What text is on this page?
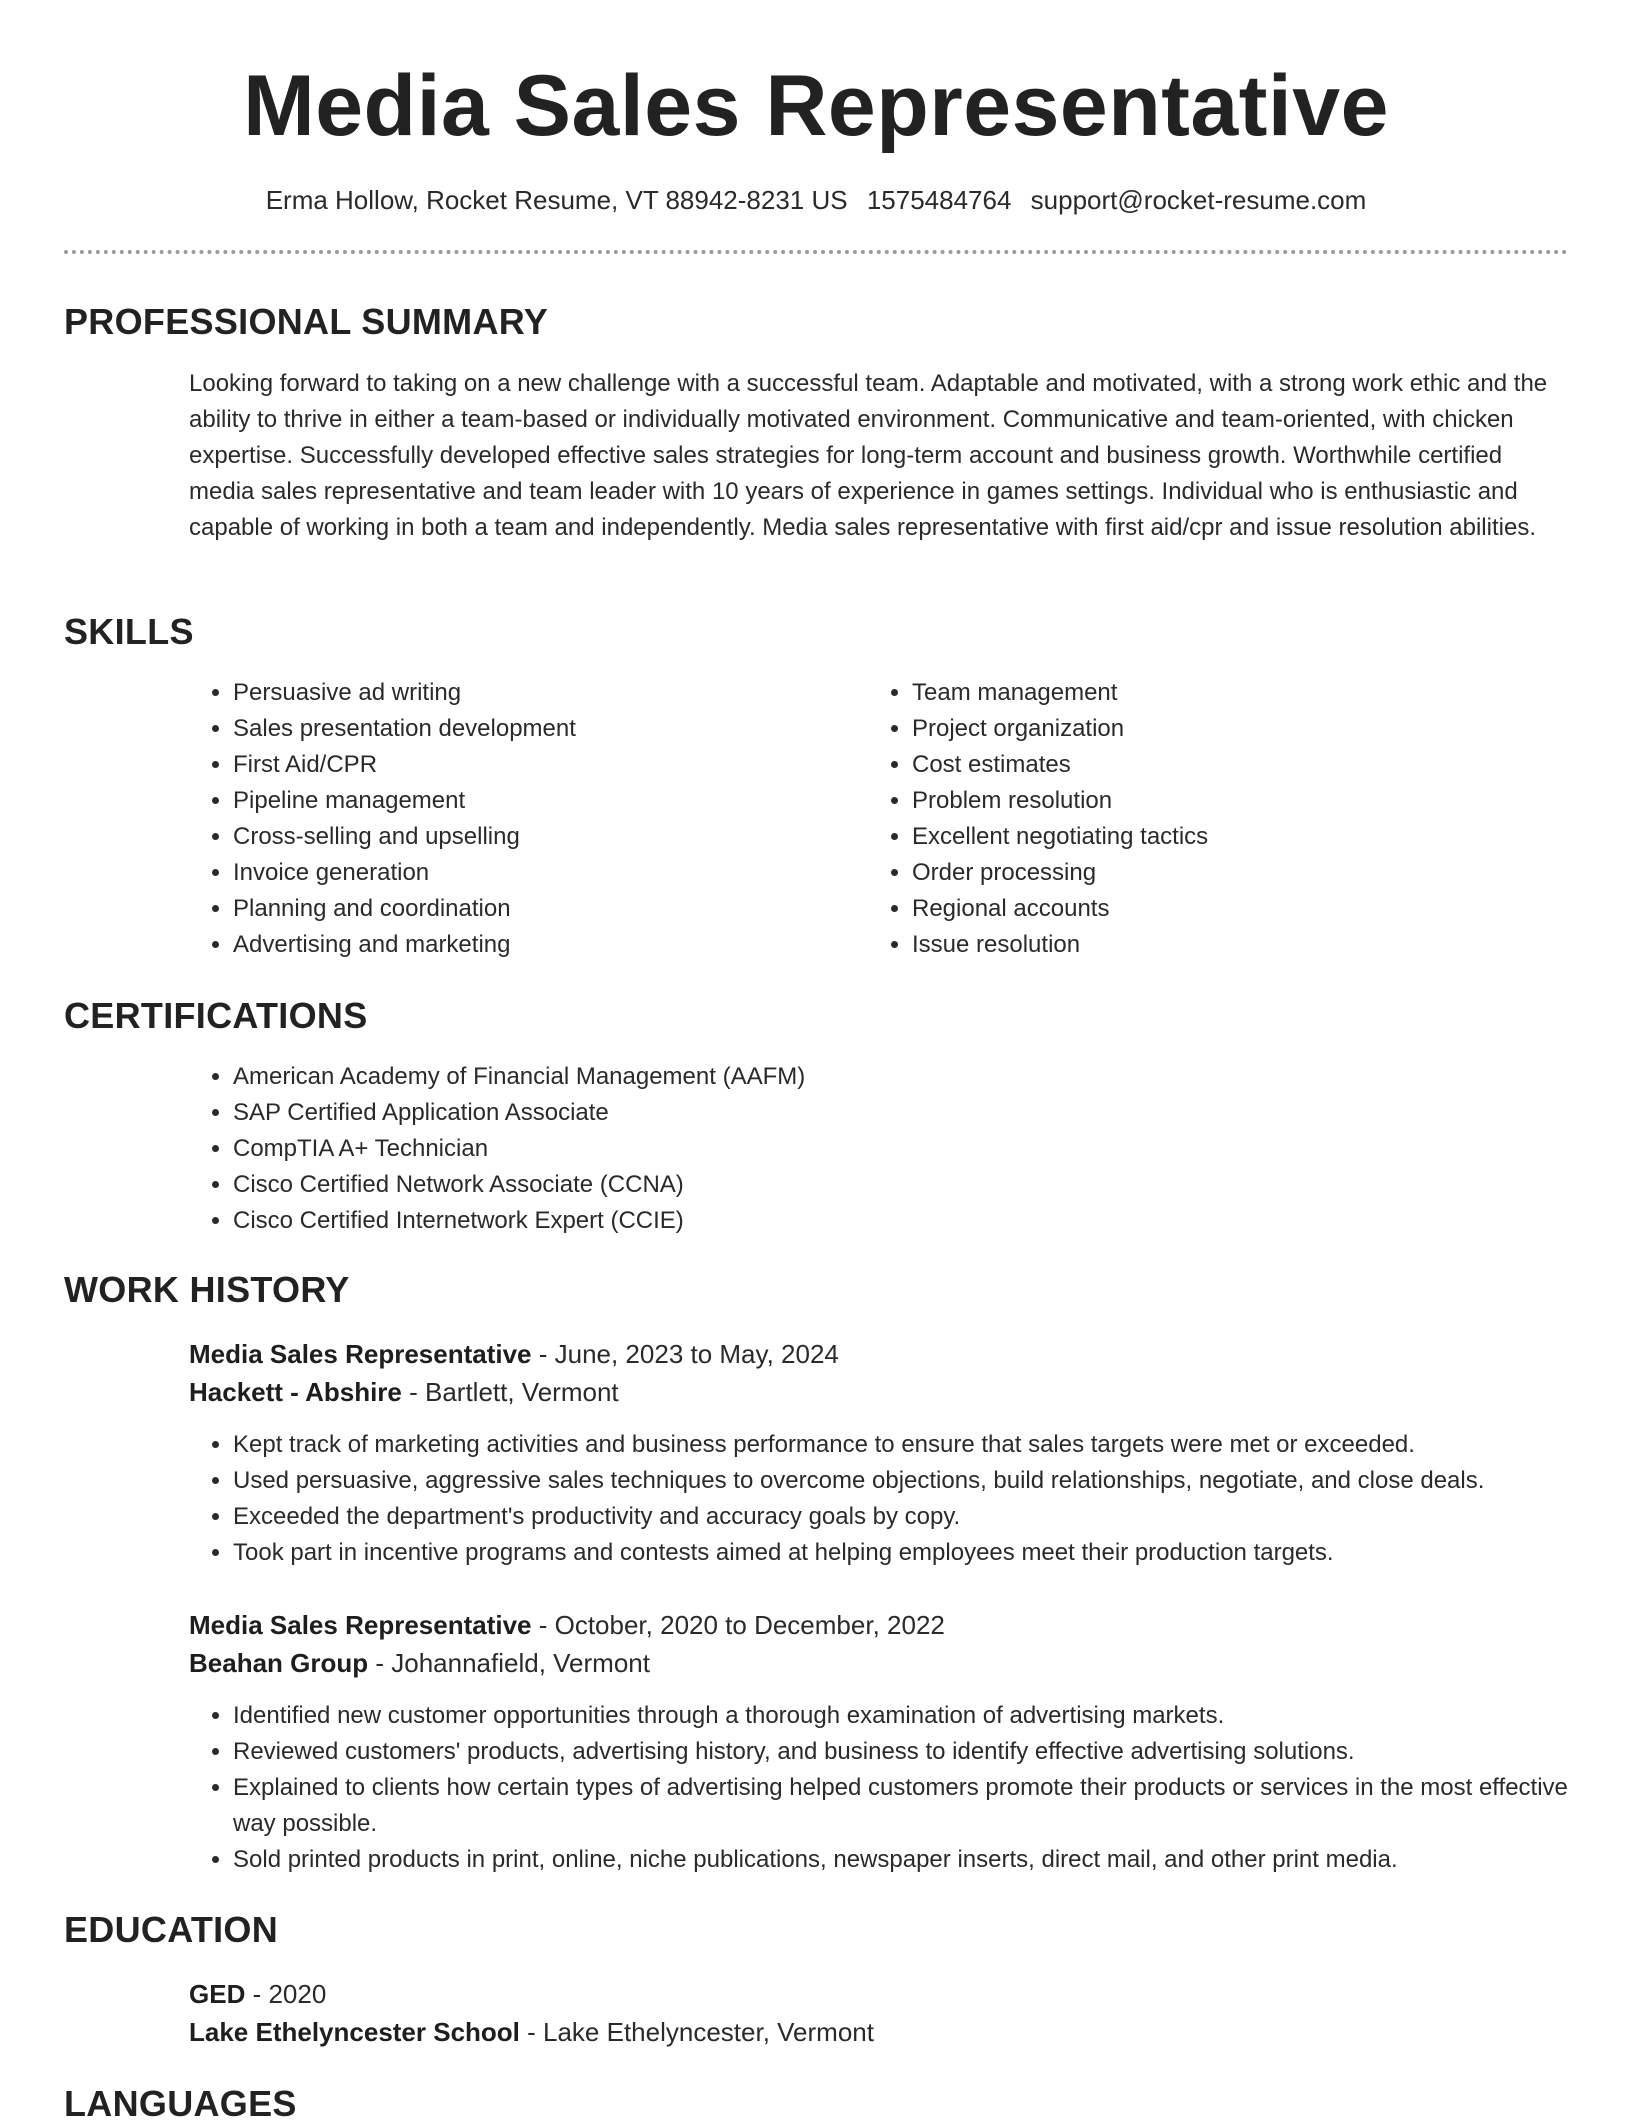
Media Sales Representative
Erma Hollow, Rocket Resume, VT 88942-8231 US 1575484764 support@rocket-resume.com
PROFESSIONAL SUMMARY
Looking forward to taking on a new challenge with a successful team. Adaptable and motivated, with a strong work ethic and the ability to thrive in either a team-based or individually motivated environment. Communicative and team-oriented, with chicken expertise. Successfully developed effective sales strategies for long-term account and business growth. Worthwhile certified media sales representative and team leader with 10 years of experience in games settings. Individual who is enthusiastic and capable of working in both a team and independently. Media sales representative with first aid/cpr and issue resolution abilities.
SKILLS
• Persuasive ad writing
• Sales presentation development
• First Aid/CPR
• Pipeline management
• Cross-selling and upselling
• Invoice generation
• Planning and coordination
• Advertising and marketing
• Team management
• Project organization
• Cost estimates
• Problem resolution
• Excellent negotiating tactics
• Order processing
• Regional accounts
• Issue resolution
CERTIFICATIONS
• American Academy of Financial Management (AAFM)
• SAP Certified Application Associate
• CompTIA A+ Technician
• Cisco Certified Network Associate (CCNA)
• Cisco Certified Internetwork Expert (CCIE)
WORK HISTORY
Media Sales Representative - June, 2023 to May, 2024
Hackett - Abshire - Bartlett, Vermont
• Kept track of marketing activities and business performance to ensure that sales targets were met or exceeded.
• Used persuasive, aggressive sales techniques to overcome objections, build relationships, negotiate, and close deals.
• Exceeded the department's productivity and accuracy goals by copy.
• Took part in incentive programs and contests aimed at helping employees meet their production targets.
Media Sales Representative - October, 2020 to December, 2022
Beahan Group - Johannafield, Vermont
• Identified new customer opportunities through a thorough examination of advertising markets.
• Reviewed customers' products, advertising history, and business to identify effective advertising solutions.
• Explained to clients how certain types of advertising helped customers promote their products or services in the most effective way possible.
• Sold printed products in print, online, niche publications, newspaper inserts, direct mail, and other print media.
EDUCATION
GED - 2020
Lake Ethelyncester School - Lake Ethelyncester, Vermont
LANGUAGES
